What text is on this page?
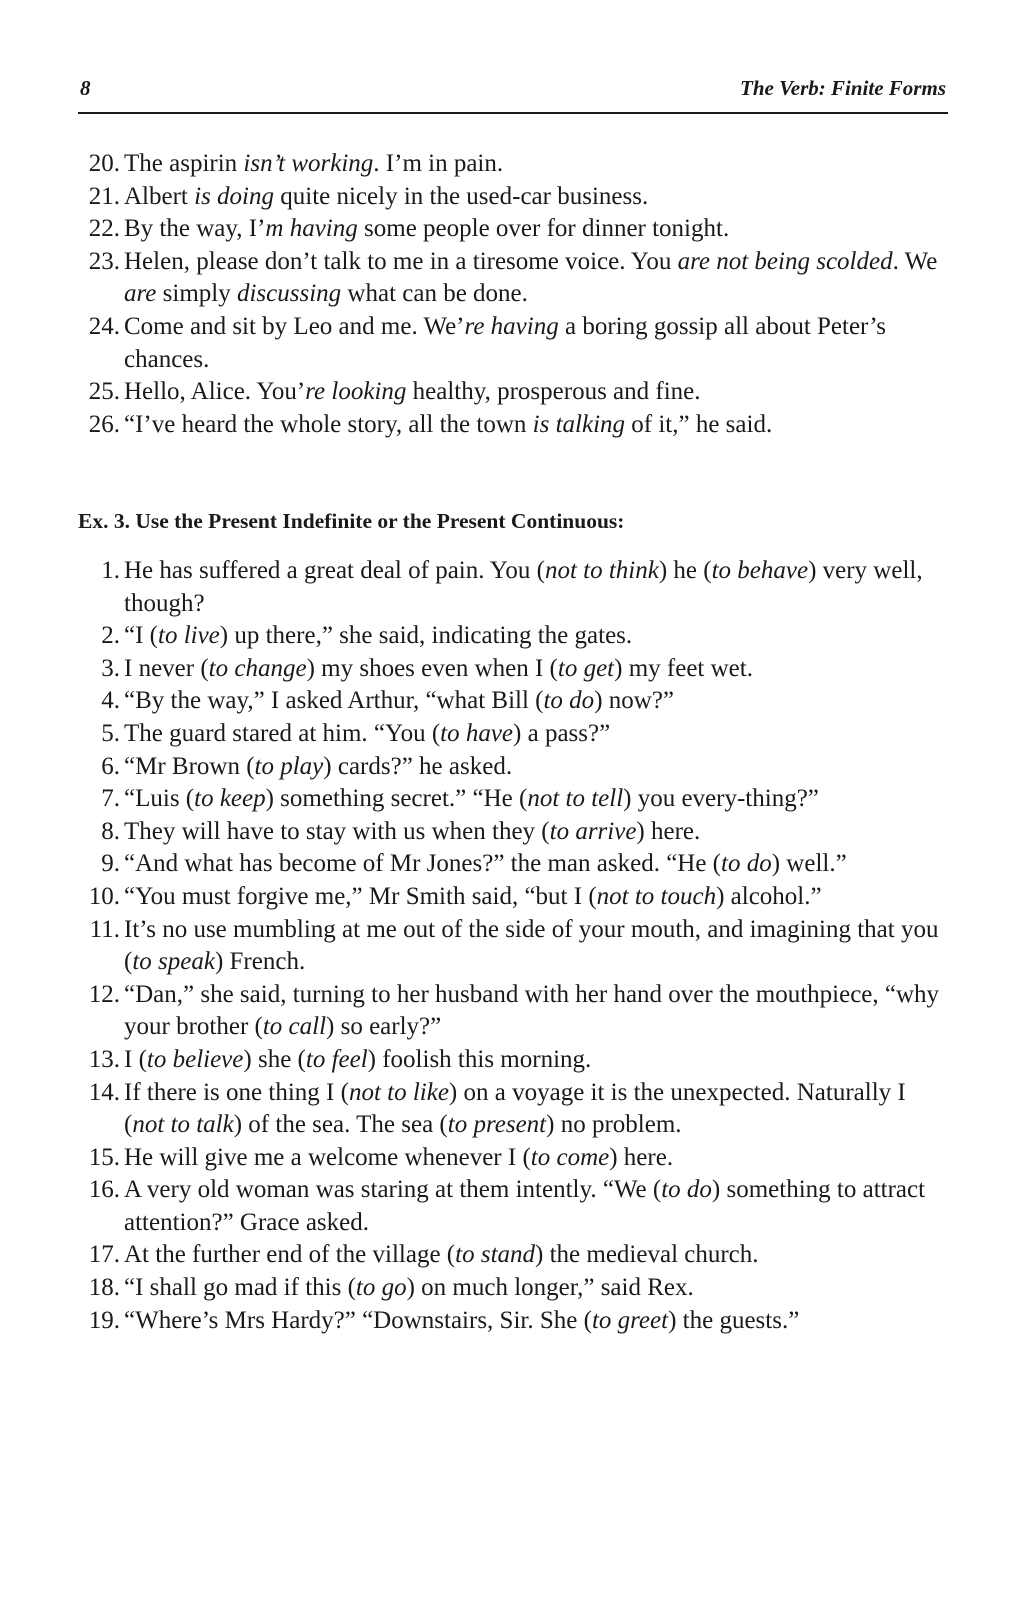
8	The Verb: Finite Forms

20. The aspirin isn’t working. I’m in pain.

21. Albert is doing quite nicely in the used-car business.

22. By the way, I’m having some people over for dinner tonight.

23. Helen, please don’t talk to me in a tiresome voice. You are not being scolded. We are simply discussing what can be done.

24. Come and sit by Leo and me. We’re having a boring gossip all about Peter’s chances.

25. Hello, Alice. You’re looking healthy, prosperous and fine.

26. “I’ve heard the whole story, all the town is talking of it,” he said.

Ex. 3. Use the Present Indefinite or the Present Continuous:

1. He has suffered a great deal of pain. You (not to think) he (to behave) very well, though?

2. “I (to live) up there,” she said, indicating the gates.

3. I never (to change) my shoes even when I (to get) my feet wet.

4. “By the way,” I asked Arthur, “what Bill (to do) now?”

5. The guard stared at him. “You (to have) a pass?”

6. “Mr Brown (to play) cards?” he asked.

7. “Luis (to keep) something secret.” “He (not to tell) you every-thing?”

8. They will have to stay with us when they (to arrive) here.

9. “And what has become of Mr Jones?” the man asked. “He (to do) well.”

10. “You must forgive me,” Mr Smith said, “but I (not to touch) alcohol.”

11. It’s no use mumbling at me out of the side of your mouth, and imagining that you (to speak) French.

12. “Dan,” she said, turning to her husband with her hand over the mouthpiece, “why your brother (to call) so early?”

13. I (to believe) she (to feel) foolish this morning.

14. If there is one thing I (not to like) on a voyage it is the unexpected. Naturally I (not to talk) of the sea. The sea (to present) no problem.

15. He will give me a welcome whenever I (to come) here.

16. A very old woman was staring at them intently. “We (to do) something to attract attention?” Grace asked.

17. At the further end of the village (to stand) the medieval church.

18. “I shall go mad if this (to go) on much longer,” said Rex.

19. “Where’s Mrs Hardy?” “Downstairs, Sir. She (to greet) the guests.”
